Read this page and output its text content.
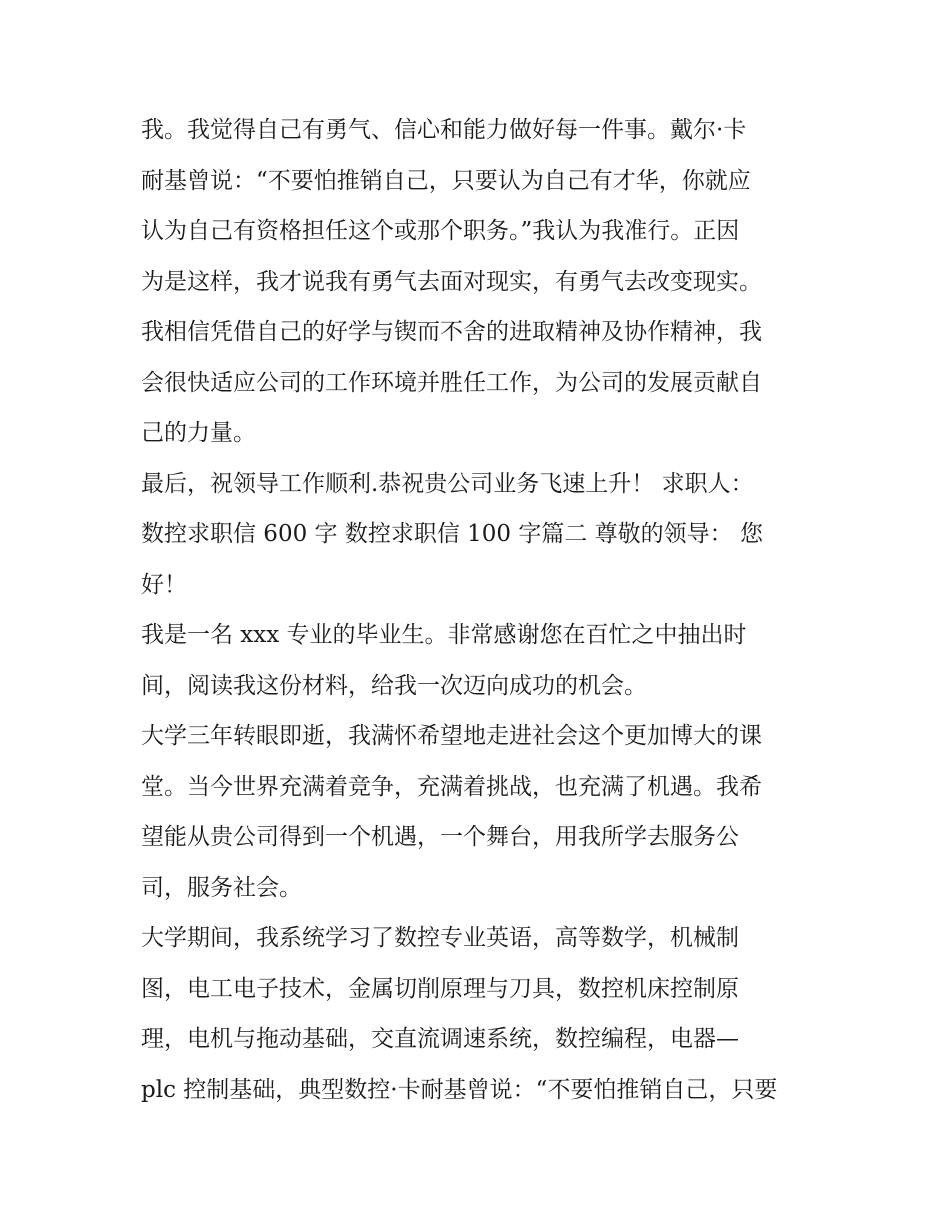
我。我觉得自己有勇气、信心和能力做好每一件事。戴尔·卡
耐基曾说：“不要怕推销自己，只要认为自己有才华，你就应
认为自己有资格担任这个或那个职务。”我认为我准行。正因
为是这样，我才说我有勇气去面对现实，有勇气去改变现实。
我相信凭借自己的好学与锲而不舍的进取精神及协作精神，我
会很快适应公司的工作环境并胜任工作，为公司的发展贡献自
己的力量。
最后，祝领导工作顺利.恭祝贵公司业务飞速上升！ 求职人：
数控求职信 600 字 数控求职信 100 字篇二 尊敬的领导： 您
好！
我是一名 xxx 专业的毕业生。非常感谢您在百忙之中抽出时
间，阅读我这份材料，给我一次迈向成功的机会。
大学三年转眼即逝，我满怀希望地走进社会这个更加博大的课
堂。当今世界充满着竞争，充满着挑战，也充满了机遇。我希
望能从贵公司得到一个机遇，一个舞台，用我所学去服务公
司，服务社会。
大学期间，我系统学习了数控专业英语，高等数学，机械制
图，电工电子技术，金属切削原理与刀具，数控机床控制原
理，电机与拖动基础，交直流调速系统，数控编程，电器—
plc 控制基础，典型数控·卡耐基曾说：“不要怕推销自己，只要
